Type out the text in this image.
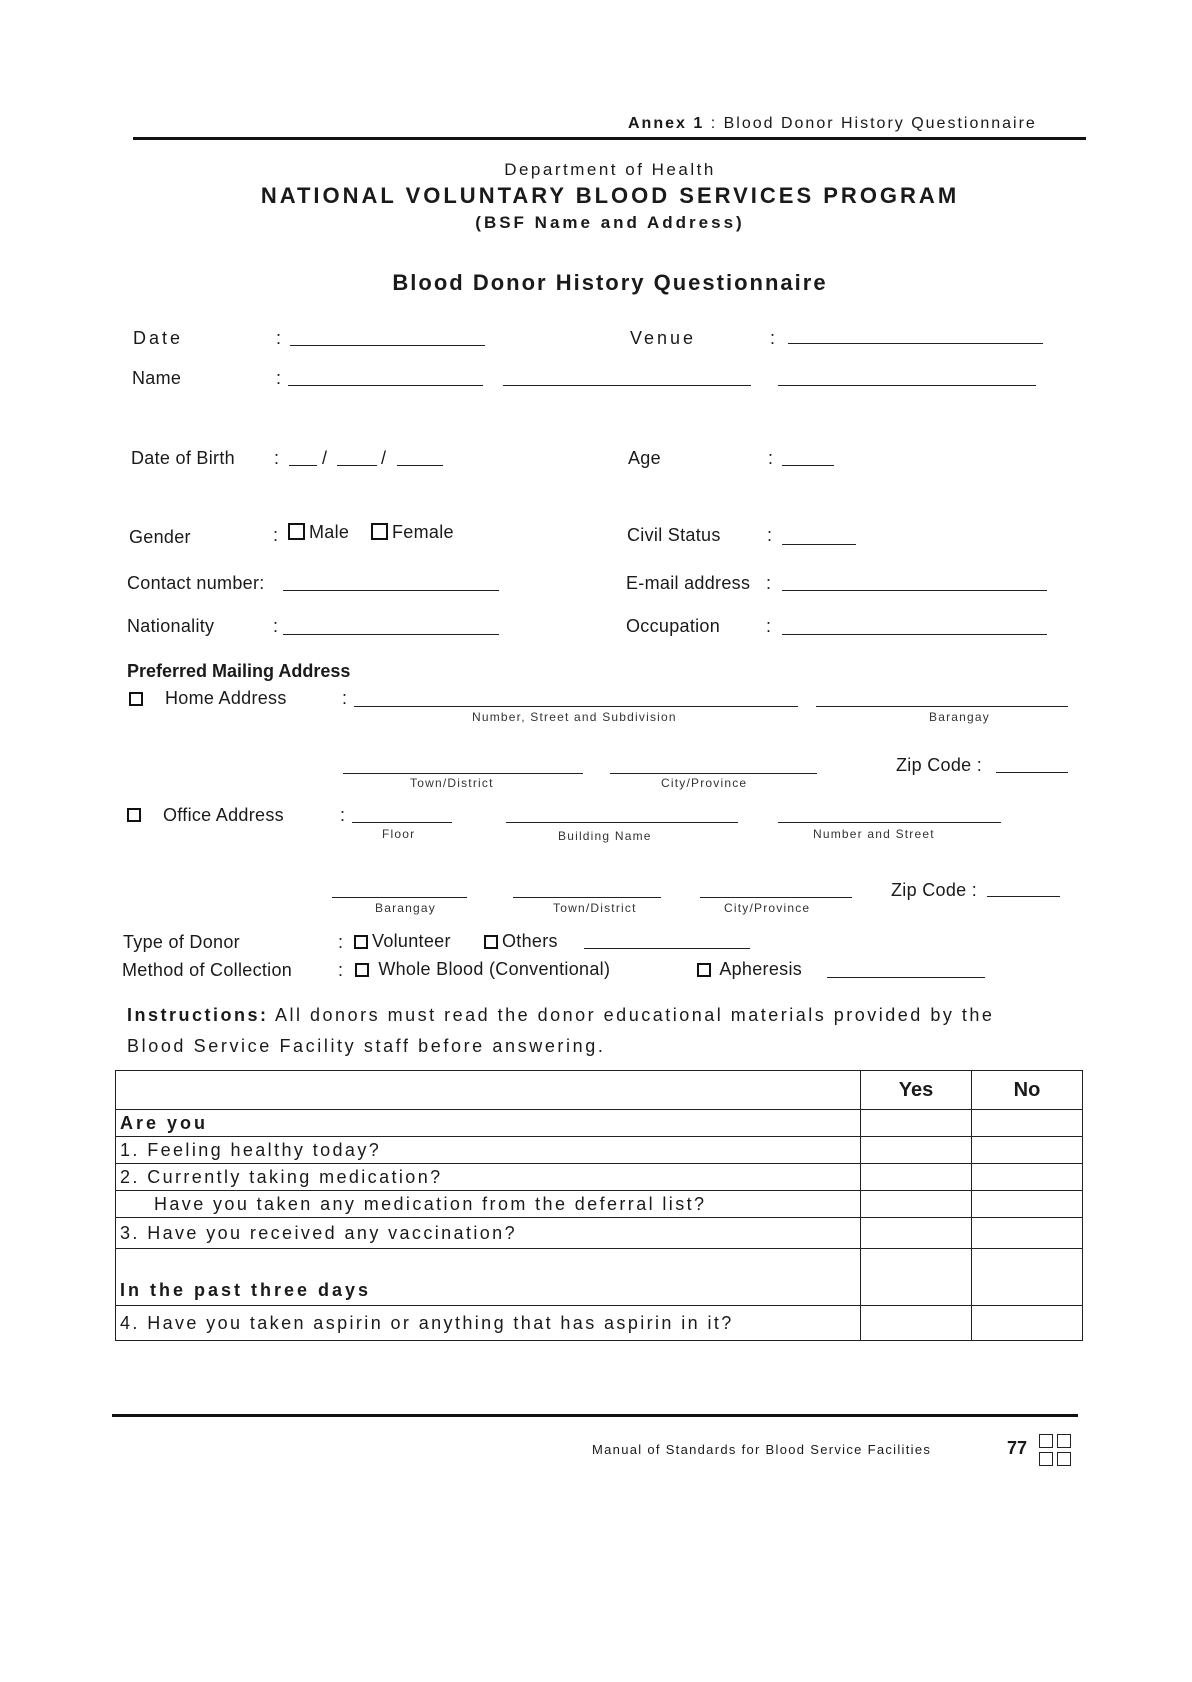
Annex 1 : Blood Donor History Questionnaire
Department of Health
NATIONAL VOLUNTARY BLOOD SERVICES PROGRAM
(BSF Name and Address)
Blood Donor History Questionnaire
Date	:	Venue	:
Name	:
Date of Birth : /	/	Age	:
Gender	:	Male	Female	Civil Status	:
Contact number:	E-mail address :
Nationality	:	Occupation	:
Preferred Mailing Address
Home Address	:
Number, Street and Subdivision	Barangay
Town/District	City/Province
Zip Code :
Office Address	:
Floor	Building Name	Number and Street
Barangay	Town/District	City/Province
Zip Code :
Type of Donor	:	Volunteer	Others
Method of Collection	:	Whole Blood (Conventional)	Apheresis
Instructions: All donors must read the donor educational materials provided by the
Blood Service Facility staff before answering.
	Yes	No
Are you		
1. Feeling healthy today?		
2. Currently taking medication?		
Have you taken any medication from the deferral list?		
3. Have you received any vaccination?		
In the past three days		
4. Have you taken aspirin or anything that has aspirin in it?		
Manual of Standards for Blood Service Facilities	77
